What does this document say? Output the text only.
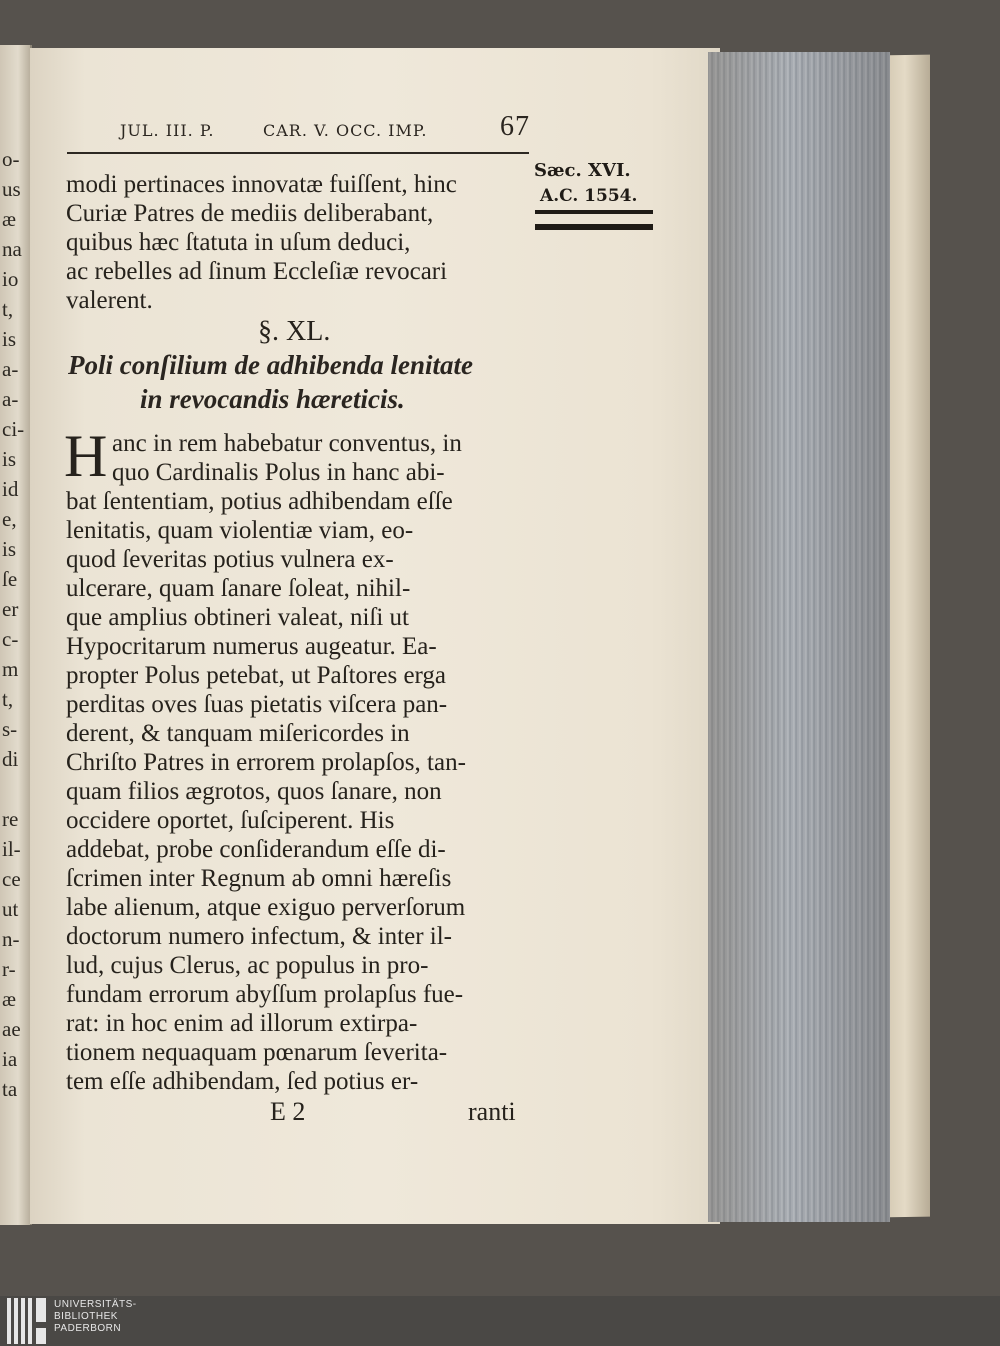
o-
us
æ
na
io
t,
is
a-
a-
ci-
is
id
e,
is
ſe
er
c-
m
t,
s-
di
re
il-
ce
ut
n-
r-
æ
ae
ia
ta
JUL. III. P.	CAR. V. OCC. IMP.	67
Sæc. XVI.
A.C. 1554.
modi pertinaces innovatæ fuiſſent, hinc
Curiæ Patres de mediis deliberabant,
quibus hæc ſtatuta in uſum deduci,
ac rebelles ad ſinum Eccleſiæ revocari
valerent.
§. XL.
Poli conſilium de adhibenda lenitate
in revocandis hæreticis.
H anc in rem habebatur conventus, in
quo Cardinalis Polus in hanc abi-
bat ſententiam, potius adhibendam eſſe
lenitatis, quam violentiæ viam, eo-
quod ſeveritas potius vulnera ex-
ulcerare, quam ſanare ſoleat, nihil-
que amplius obtineri valeat, niſi ut
Hypocritarum numerus augeatur. Ea-
propter Polus petebat, ut Paſtores erga
perditas oves ſuas pietatis viſcera pan-
derent, & tanquam miſericordes in
Chriſto Patres in errorem prolapſos, tan-
quam filios ægrotos, quos ſanare, non
occidere oportet, ſuſciperent. His
addebat, probe conſiderandum eſſe di-
ſcrimen inter Regnum ab omni hæreſis
labe alienum, atque exiguo perverſorum
doctorum numero infectum, & inter il-
lud, cujus Clerus, ac populus in pro-
fundam errorum abyſſum prolapſus fue-
rat: in hoc enim ad illorum extirpa-
tionem nequaquam pœnarum ſeverita-
tem eſſe adhibendam, ſed potius er-
E 2	ranti
UNIVERSITÄTS-
BIBLIOTHEK
PADERBORN
